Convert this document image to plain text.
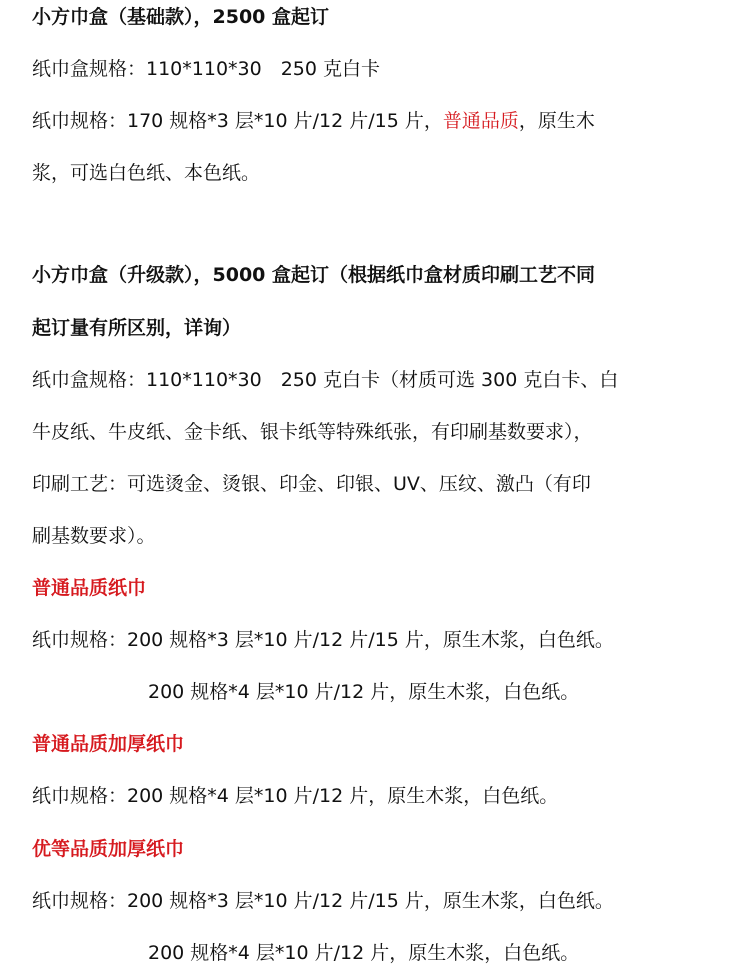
小方巾盒（基础款），2500 盒起订
纸巾盒规格：110*110*30　250 克白卡
纸巾规格：170 规格*3 层*10 片/12 片/15 片，普通品质，原生木
浆，可选白色纸、本色纸。
小方巾盒（升级款），5000 盒起订（根据纸巾盒材质印刷工艺不同
起订量有所区别，详询）
纸巾盒规格：110*110*30　250 克白卡（材质可选 300 克白卡、白
牛皮纸、牛皮纸、金卡纸、银卡纸等特殊纸张，有印刷基数要求），
印刷工艺：可选烫金、烫银、印金、印银、UV、压纹、激凸（有印
刷基数要求）。
普通品质纸巾
纸巾规格：200 规格*3 层*10 片/12 片/15 片，原生木浆，白色纸。
200 规格*4 层*10 片/12 片，原生木浆，白色纸。
普通品质加厚纸巾
纸巾规格：200 规格*4 层*10 片/12 片，原生木浆，白色纸。
优等品质加厚纸巾
纸巾规格：200 规格*3 层*10 片/12 片/15 片，原生木浆，白色纸。
200 规格*4 层*10 片/12 片，原生木浆，白色纸。
